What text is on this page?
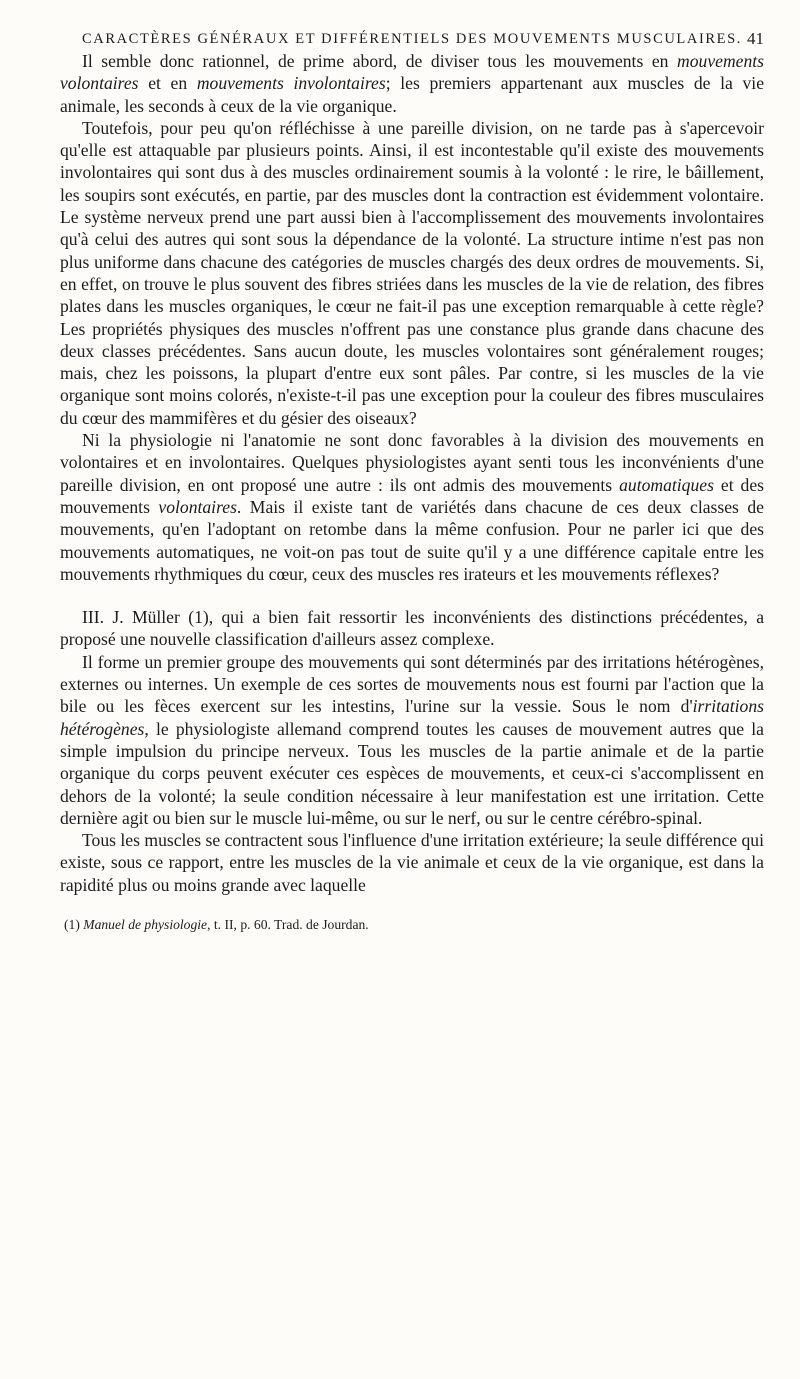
CARACTÈRES GÉNÉRAUX ET DIFFÉRENTIELS DES MOUVEMENTS MUSCULAIRES. 41

Il semble donc rationnel, de prime abord, de diviser tous les mouvements en mouvements volontaires et en mouvements involontaires; les premiers appartenant aux muscles de la vie animale, les seconds à ceux de la vie organique.

Toutefois, pour peu qu'on réfléchisse à une pareille division, on ne tarde pas à s'apercevoir qu'elle est attaquable par plusieurs points. Ainsi, il est incontestable qu'il existe des mouvements involontaires qui sont dus à des muscles ordinairement soumis à la volonté : le rire, le bâillement, les soupirs sont exécutés, en partie, par des muscles dont la contraction est évidemment volontaire. Le système nerveux prend une part aussi bien à l'accomplissement des mouvements involontaires qu'à celui des autres qui sont sous la dépendance de la volonté. La structure intime n'est pas non plus uniforme dans chacune des catégories de muscles chargés des deux ordres de mouvements. Si, en effet, on trouve le plus souvent des fibres striées dans les muscles de la vie de relation, des fibres plates dans les muscles organiques, le cœur ne fait-il pas une exception remarquable à cette règle? Les propriétés physiques des muscles n'offrent pas une constance plus grande dans chacune des deux classes précédentes. Sans aucun doute, les muscles volontaires sont généralement rouges; mais, chez les poissons, la plupart d'entre eux sont pâles. Par contre, si les muscles de la vie organique sont moins colorés, n'existe-t-il pas une exception pour la couleur des fibres musculaires du cœur des mammifères et du gésier des oiseaux?

Ni la physiologie ni l'anatomie ne sont donc favorables à la division des mouvements en volontaires et en involontaires. Quelques physiologistes ayant senti tous les inconvénients d'une pareille division, en ont proposé une autre : ils ont admis des mouvements automatiques et des mouvements volontaires. Mais il existe tant de variétés dans chacune de ces deux classes de mouvements, qu'en l'adoptant on retombe dans la même confusion. Pour ne parler ici que des mouvements automatiques, ne voit-on pas tout de suite qu'il y a une différence capitale entre les mouvements rhythmiques du cœur, ceux des muscles res irateurs et les mouvements réflexes?

III. J. Müller (1), qui a bien fait ressortir les inconvénients des distinctions précédentes, a proposé une nouvelle classification d'ailleurs assez complexe.

Il forme un premier groupe des mouvements qui sont déterminés par des irritations hétérogènes, externes ou internes. Un exemple de ces sortes de mouvements nous est fourni par l'action que la bile ou les fèces exercent sur les intestins, l'urine sur la vessie. Sous le nom d'irritations hétérogènes, le physiologiste allemand comprend toutes les causes de mouvement autres que la simple impulsion du principe nerveux. Tous les muscles de la partie animale et de la partie organique du corps peuvent exécuter ces espèces de mouvements, et ceux-ci s'accomplissent en dehors de la volonté; la seule condition nécessaire à leur manifestation est une irritation. Cette dernière agit ou bien sur le muscle lui-même, ou sur le nerf, ou sur le centre cérébro-spinal.

Tous les muscles se contractent sous l'influence d'une irritation extérieure; la seule différence qui existe, sous ce rapport, entre les muscles de la vie animale et ceux de la vie organique, est dans la rapidité plus ou moins grande avec laquelle

(1) Manuel de physiologie, t. II, p. 60. Trad. de Jourdan.
